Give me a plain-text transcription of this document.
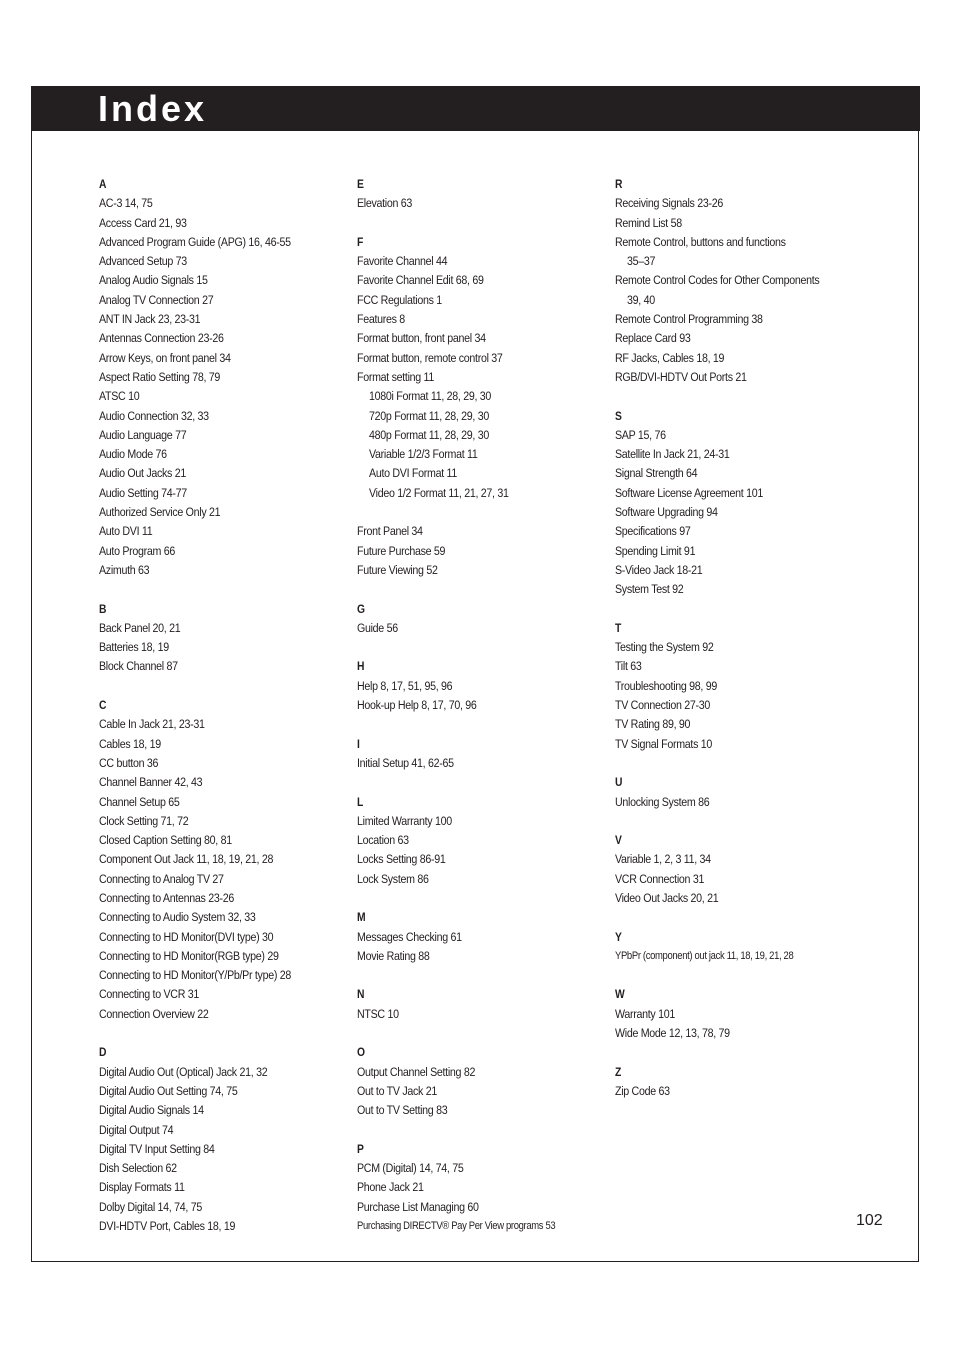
Index
A
AC-3 14, 75
Access Card 21, 93
Advanced Program Guide (APG) 16, 46-55
Advanced Setup 73
Analog Audio Signals 15
Analog TV Connection 27
ANT IN Jack 23, 23-31
Antennas Connection 23-26
Arrow Keys, on front panel 34
Aspect Ratio Setting 78, 79
ATSC 10
Audio Connection 32, 33
Audio Language 77
Audio Mode 76
Audio Out Jacks 21
Audio Setting 74-77
Authorized Service Only 21
Auto DVI 11
Auto Program 66
Azimuth 63
B
Back Panel 20, 21
Batteries 18, 19
Block Channel 87
C
Cable In Jack 21, 23-31
Cables 18, 19
CC button 36
Channel Banner 42, 43
Channel Setup 65
Clock Setting 71, 72
Closed Caption Setting 80, 81
Component Out Jack 11, 18, 19, 21, 28
Connecting to Analog TV 27
Connecting to Antennas 23-26
Connecting to Audio System 32, 33
Connecting to HD Monitor(DVI type) 30
Connecting to HD Monitor(RGB type) 29
Connecting to HD Monitor(Y/Pb/Pr type) 28
Connecting to VCR 31
Connection Overview 22
D
Digital Audio Out (Optical) Jack 21, 32
Digital Audio Out Setting 74, 75
Digital Audio Signals 14
Digital Output 74
Digital TV Input Setting 84
Dish Selection 62
Display Formats 11
Dolby Digital 14, 74, 75
DVI-HDTV Port, Cables 18, 19
E
Elevation 63
F
Favorite Channel 44
Favorite Channel Edit 68, 69
FCC Regulations 1
Features 8
Format button, front panel 34
Format button, remote control 37
Format setting 11
1080i Format 11, 28, 29, 30
720p Format 11, 28, 29, 30
480p Format 11, 28, 29, 30
Variable 1/2/3 Format 11
Auto DVI Format 11
Video 1/2 Format 11, 21, 27, 31
Front Panel 34
Future Purchase 59
Future Viewing 52
G
Guide 56
H
Help 8, 17, 51, 95, 96
Hook-up Help 8, 17, 70, 96
I
Initial Setup 41, 62-65
L
Limited Warranty 100
Location 63
Locks Setting 86-91
Lock System 86
M
Messages Checking 61
Movie Rating 88
N
NTSC 10
O
Output Channel Setting 82
Out to TV Jack 21
Out to TV Setting 83
P
PCM (Digital) 14, 74, 75
Phone Jack 21
Purchase List Managing 60
Purchasing DIRECTV® Pay Per View programs 53
R
Receiving Signals 23-26
Remind List 58
Remote Control, buttons and functions
35–37
Remote Control Codes for Other Components
39, 40
Remote Control Programming 38
Replace Card 93
RF Jacks, Cables 18, 19
RGB/DVI-HDTV Out Ports 21
S
SAP 15, 76
Satellite In Jack 21, 24-31
Signal Strength 64
Software License Agreement 101
Software Upgrading 94
Specifications 97
Spending Limit 91
S-Video Jack 18-21
System Test 92
T
Testing the System 92
Tilt 63
Troubleshooting 98, 99
TV Connection 27-30
TV Rating 89, 90
TV Signal Formats 10
U
Unlocking System 86
V
Variable 1, 2, 3 11, 34
VCR Connection 31
Video Out Jacks 20, 21
Y
YPbPr (component) out jack 11, 18, 19, 21, 28
W
Warranty 101
Wide Mode 12, 13, 78, 79
Z
Zip Code 63
102
